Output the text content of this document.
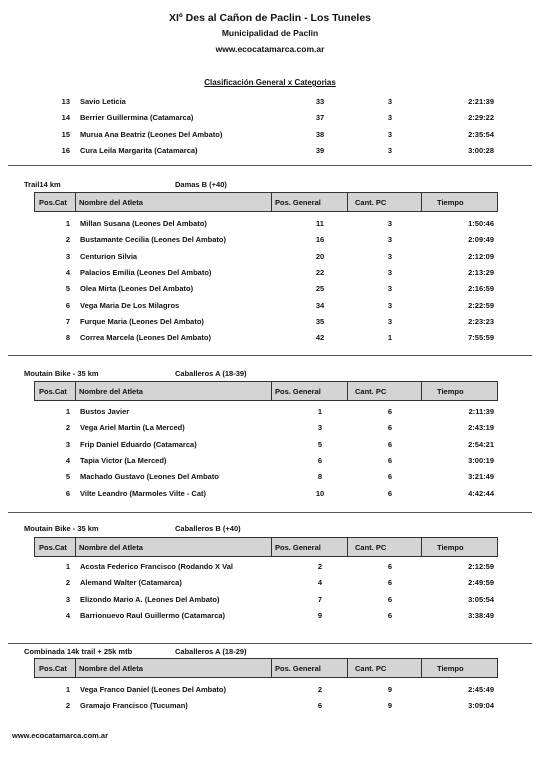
XIº Des al Cañon de Paclin - Los Tuneles
Municipalidad de Paclin
www.ecocatamarca.com.ar
Clasificación General x Categorias
13 Savio Leticia	33	3	2:21:39
14 Berrier Guillermina (Catamarca)	37	3	2:29:22
15 Murua Ana Beatriz (Leones Del Ambato)	38	3	2:35:54
16 Cura Leila Margarita (Catamarca)	39	3	3:00:28
Trail14 km	Damas B (+40)
Pos.Cat Nombre del Atleta	Pos. General	Cant. PC	Tiempo
1 Millan Susana (Leones Del Ambato)	11	3	1:50:46
2 Bustamante Cecilia (Leones Del Ambato)	16	3	2:09:49
3 Centurion Silvia	20	3	2:12:09
4 Palacios Emilia (Leones Del Ambato)	22	3	2:13:29
5 Olea Mirta (Leones Del Ambato)	25	3	2:16:59
6 Vega Maria De Los Milagros	34	3	2:22:59
7 Furque Maria (Leones Del Ambato)	35	3	2:23:23
8 Correa Marcela (Leones Del Ambato)	42	1	7:55:59
Moutain Bike - 35 km	Caballeros A (18-39)
Pos.Cat Nombre del Atleta	Pos. General	Cant. PC	Tiempo
1 Bustos Javier	1	6	2:11:39
2 Vega Ariel Martin (La Merced)	3	6	2:43:19
3 Frip Daniel Eduardo (Catamarca)	5	6	2:54:21
4 Tapia Victor (La Merced)	6	6	3:00:19
5 Machado Gustavo (Leones Del Ambato	8	6	3:21:49
6 Vilte Leandro (Marmoles Vilte - Cat)	10	6	4:42:44
Moutain Bike - 35 km	Caballeros B (+40)
Pos.Cat Nombre del Atleta	Pos. General	Cant. PC	Tiempo
1 Acosta Federico Francisco (Rodando X Val	2	6	2:12:59
2 Alemand Walter (Catamarca)	4	6	2:49:59
3 Elizondo Mario A. (Leones Del Ambato)	7	6	3:05:54
4 Barrionuevo Raul Guillermo (Catamarca)	9	6	3:38:49
Combinada 14k trail + 25k mtb	Caballeros A (18-29)
Pos.Cat Nombre del Atleta	Pos. General	Cant. PC	Tiempo
1 Vega Franco Daniel (Leones Del Ambato)	2	9	2:45:49
2 Gramajo Francisco (Tucuman)	6	9	3:09:04
www.ecocatamarca.com.ar
